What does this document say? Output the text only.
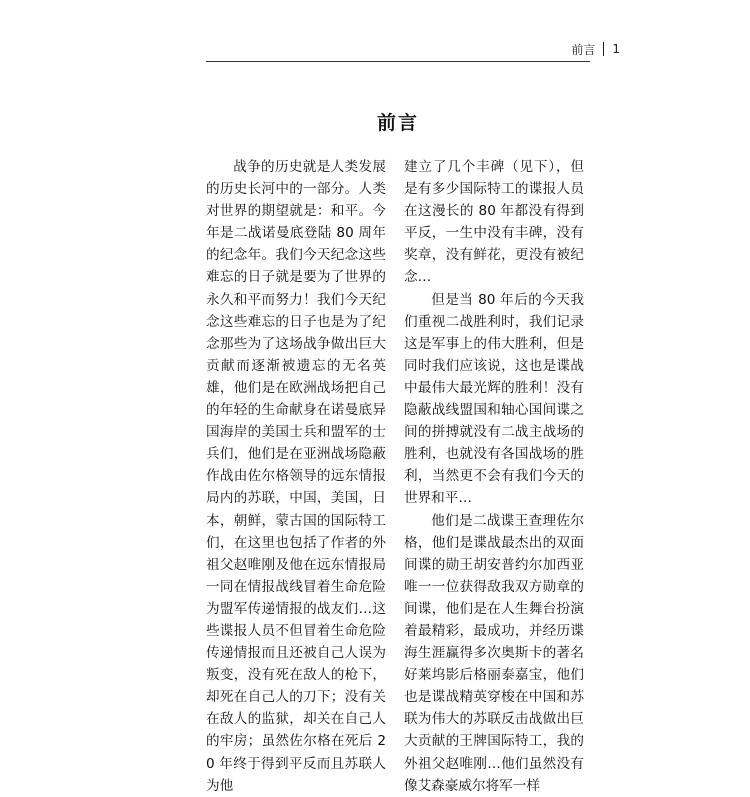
前言 1
前言

战争的历史就是人类发展的历史长河中的一部分。人类对世界的期望就是：和平。今年是二战诺曼底登陆 80 周年的纪念年。我们今天纪念这些难忘的日子就是要为了世界的永久和平而努力！我们今天纪念这些难忘的日子也是为了纪念那些为了这场战争做出巨大贡献而逐渐被遗忘的无名英雄，他们是在欧洲战场把自己的年轻的生命献身在诺曼底异国海岸的美国士兵和盟军的士兵们，他们是在亚洲战场隐蔽作战由佐尔格领导的远东情报局内的苏联，中国，美国，日本，朝鲜，蒙古国的国际特工们，在这里也包括了作者的外祖父赵唯刚及他在远东情报局一同在情报战线冒着生命危险为盟军传递情报的战友们…这些谍报人员不但冒着生命危险传递情报而且还被自己人误为叛变，没有死在敌人的枪下，却死在自己人的刀下；没有关在敌人的监狱，却关在自己人的牢房；虽然佐尔格在死后 20 年终于得到平反而且苏联人为他

建立了几个丰碑（见下），但是有多少国际特工的谍报人员在这漫长的 80 年都没有得到平反，一生中没有丰碑，没有奖章，没有鲜花，更没有被纪念…

但是当 80 年后的今天我们重视二战胜利时，我们记录这是军事上的伟大胜利，但是同时我们应该说，这也是谍战中最伟大最光辉的胜利！没有隐蔽战线盟国和轴心国间谍之间的拼搏就没有二战主战场的胜利，也就没有各国战场的胜利，当然更不会有我们今天的世界和平…

他们是二战谍王查理佐尔格，他们是谍战最杰出的双面间谍的勋王胡安普约尔加西亚唯一一位获得敌我双方勋章的间谍，他们是在人生舞台扮演着最精彩，最成功，并经历谍海生涯赢得多次奥斯卡的著名好莱坞影后格丽泰嘉宝，他们也是谍战精英穿梭在中国和苏联为伟大的苏联反击战做出巨大贡献的王牌国际特工，我的外祖父赵唯刚…他们虽然没有像艾森豪威尔将军一样
